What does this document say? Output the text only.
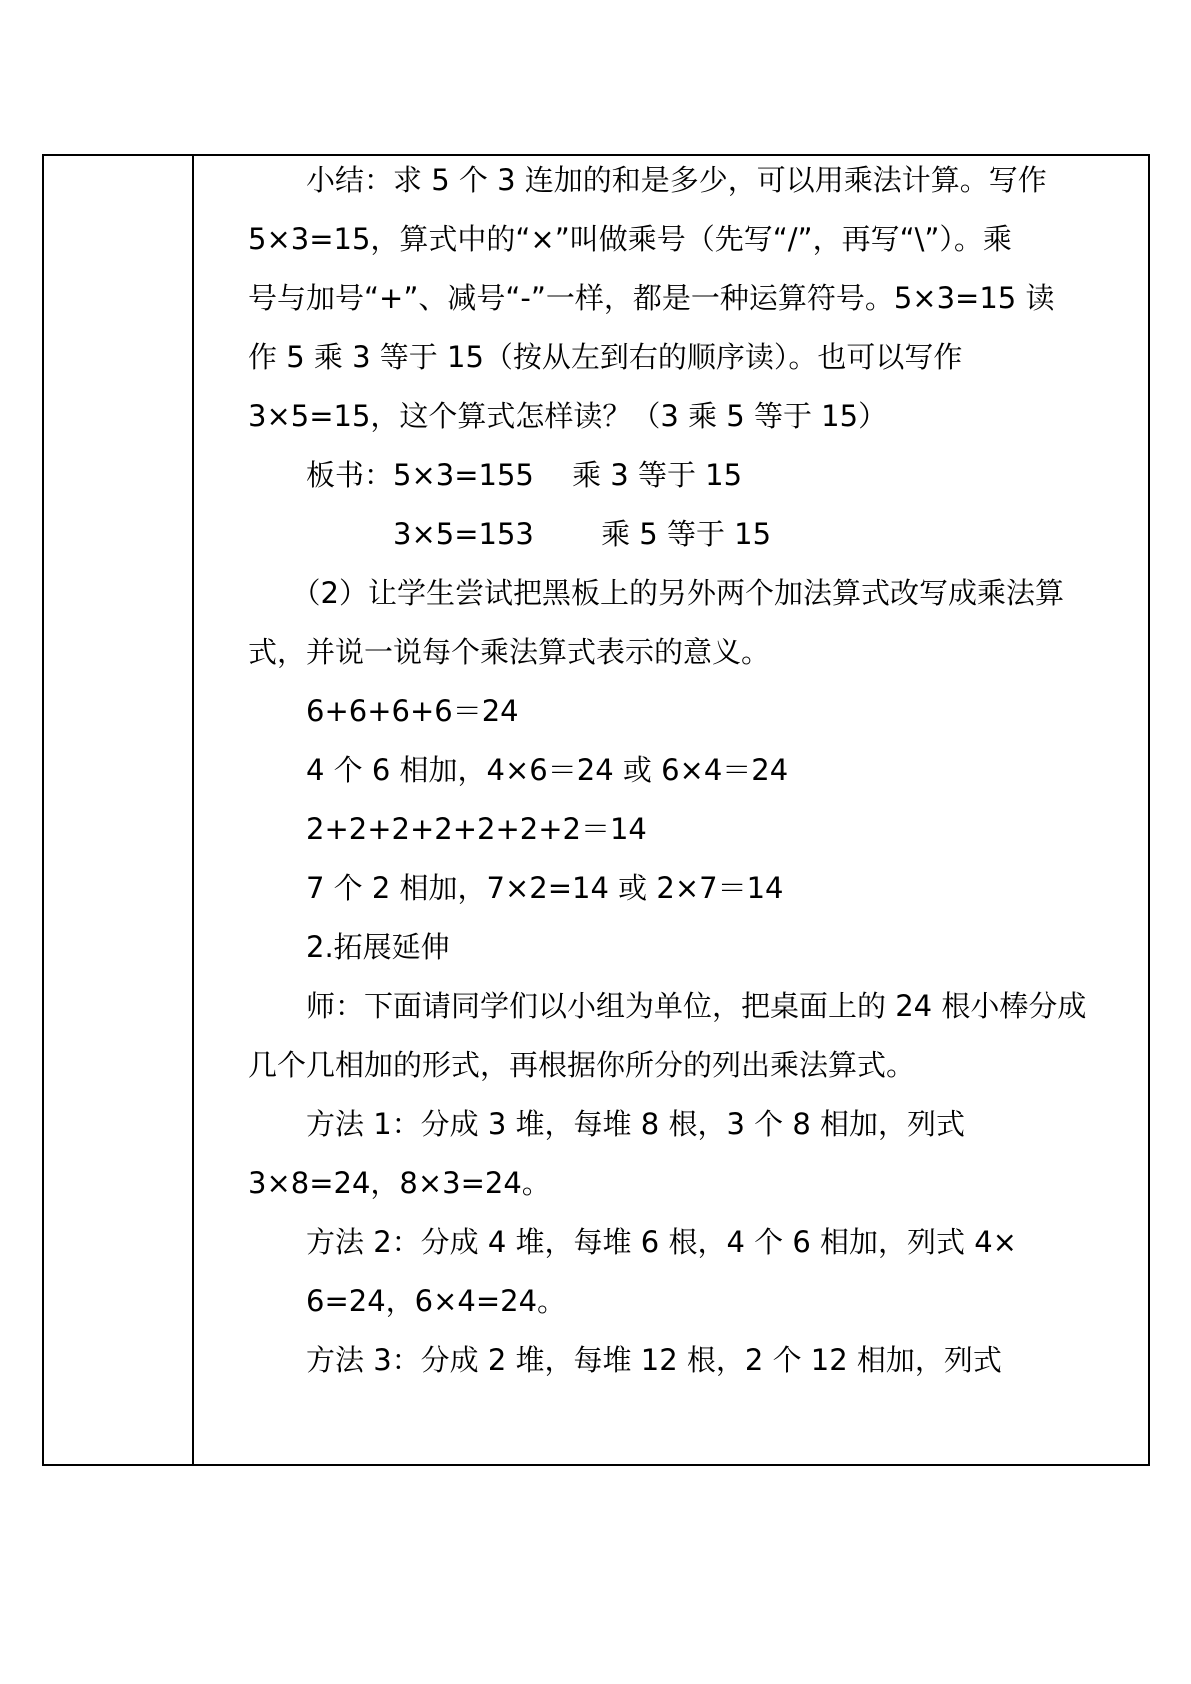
　　小结：求 5 个 3 连加的和是多少，可以用乘法计算。写作
5×3=15，算式中的“×”叫做乘号（先写“/”，再写“\”）。乘
号与加号“+”、减号“-”一样，都是一种运算符号。5×3=15 读
作 5 乘 3 等于 15（按从左到右的顺序读）。也可以写作
3×5=15，这个算式怎样读？（3 乘 5 等于 15）
　　板书：5×3=155　 乘 3 等于 15
　　　　　3×5=153　　 乘 5 等于 15
　　（2）让学生尝试把黑板上的另外两个加法算式改写成乘法算
式，并说一说每个乘法算式表示的意义。
　　6+6+6+6＝24
　　4 个 6 相加，4×6＝24 或 6×4＝24
　　2+2+2+2+2+2+2＝14
　　7 个 2 相加，7×2=14 或 2×7＝14
　　2.拓展延伸
　　师：下面请同学们以小组为单位，把桌面上的 24 根小棒分成
几个几相加的形式，再根据你所分的列出乘法算式。
　　方法 1：分成 3 堆，每堆 8 根，3 个 8 相加，列式
3×8=24，8×3=24。
　　方法 2：分成 4 堆，每堆 6 根，4 个 6 相加，列式 4×
　　6=24，6×4=24。
　　方法 3：分成 2 堆，每堆 12 根，2 个 12 相加，列式
